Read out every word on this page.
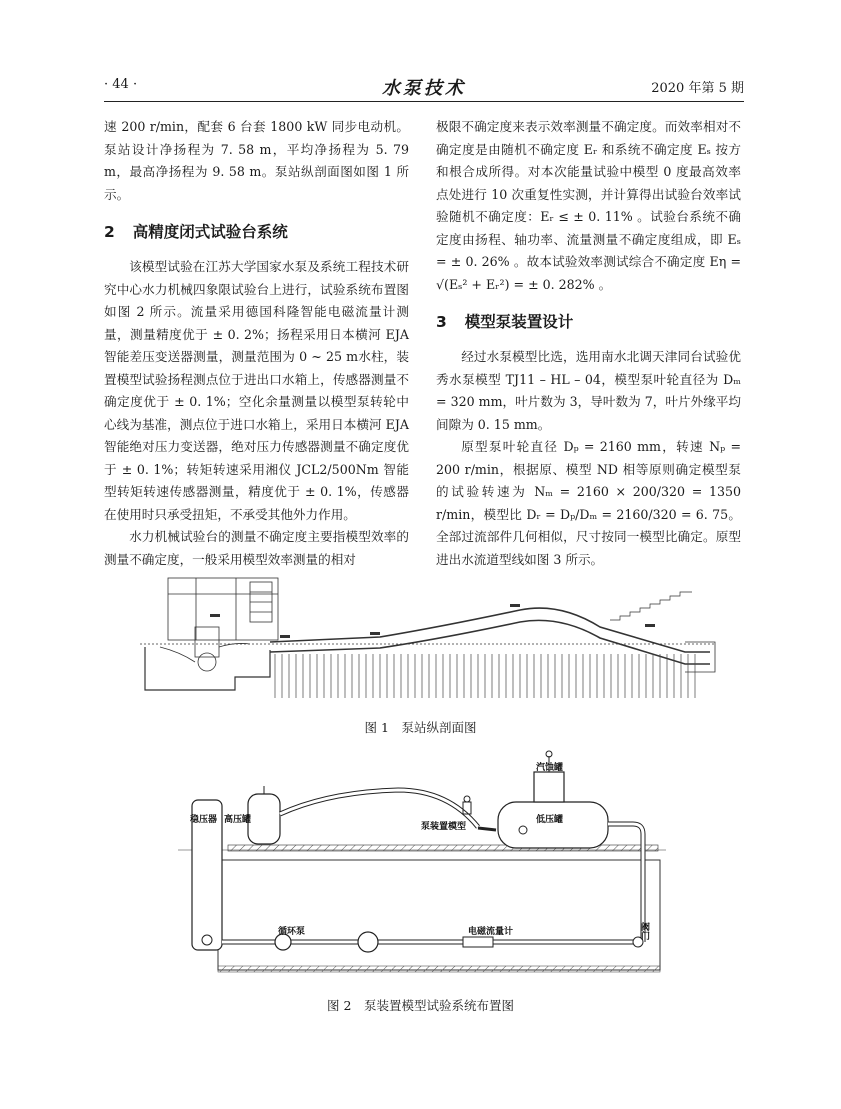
· 44 ·	水泵技术	2020 年第 5 期

速 200 r/min，配套 6 台套 1800 kW 同步电动机。泵站设计净扬程为 7. 58 m，平均净扬程为 5. 79 m，最高净扬程为 9. 58 m。泵站纵剖面图如图 1 所示。

2 高精度闭式试验台系统

该模型试验在江苏大学国家水泵及系统工程技术研究中心水力机械四象限试验台上进行，试验系统布置图如图 2 所示。流量采用德国科隆智能电磁流量计测量，测量精度优于 ± 0. 2%；扬程采用日本横河 EJA 智能差压变送器测量，测量范围为 0 ~ 25 m水柱，装置模型试验扬程测点位于进出口水箱上，传感器测量不确定度优于 ± 0. 1%；空化余量测量以模型泵转轮中心线为基准，测点位于进口水箱上，采用日本横河 EJA 智能绝对压力变送器，绝对压力传感器测量不确定度优于 ± 0. 1%；转矩转速采用湘仪 JCL2/500Nm 智能型转矩转速传感器测量，精度优于 ± 0. 1%，传感器在使用时只承受扭矩，不承受其他外力作用。

水力机械试验台的测量不确定度主要指模型效率的测量不确定度，一般采用模型效率测量的相对

极限不确定度来表示效率测量不确定度。而效率相对不确定度是由随机不确定度 Eᵣ 和系统不确定度 Eₛ 按方和根合成所得。对本次能量试验中模型 0 度最高效率点处进行 10 次重复性实测，并计算得出试验台效率试验随机不确定度：Eᵣ ≤ ± 0. 11% 。试验台系统不确定度由扬程、轴功率、流量测量不确定度组成，即 Eₛ = ± 0. 26% 。故本试验效率测试综合不确定度 Eη = √(Eₛ² + Eᵣ²) = ± 0. 282% 。

3 模型泵装置设计

经过水泵模型比选，选用南水北调天津同台试验优秀水泵模型 TJ11 – HL – 04，模型泵叶轮直径为 Dₘ = 320 mm，叶片数为 3，导叶数为 7，叶片外缘平均间隙为 0. 15 mm。

原型泵叶轮直径 Dₚ = 2160 mm，转速 Nₚ = 200 r/min，根据原、模型 ND 相等原则确定模型泵的试验转速为 Nₘ = 2160 × 200/320 = 1350 r/min，模型比 Dᵣ = Dₚ/Dₘ = 2160/320 = 6. 75。全部过流部件几何相似，尺寸按同一模型比确定。原型进出水流道型线如图 3 所示。

图 1　泵站纵剖面图
稳压器 高压罐
泵装置模型
汽蚀罐
低压罐
循环泵	电磁流量计	阀门
图 2　泵装置模型试验系统布置图
